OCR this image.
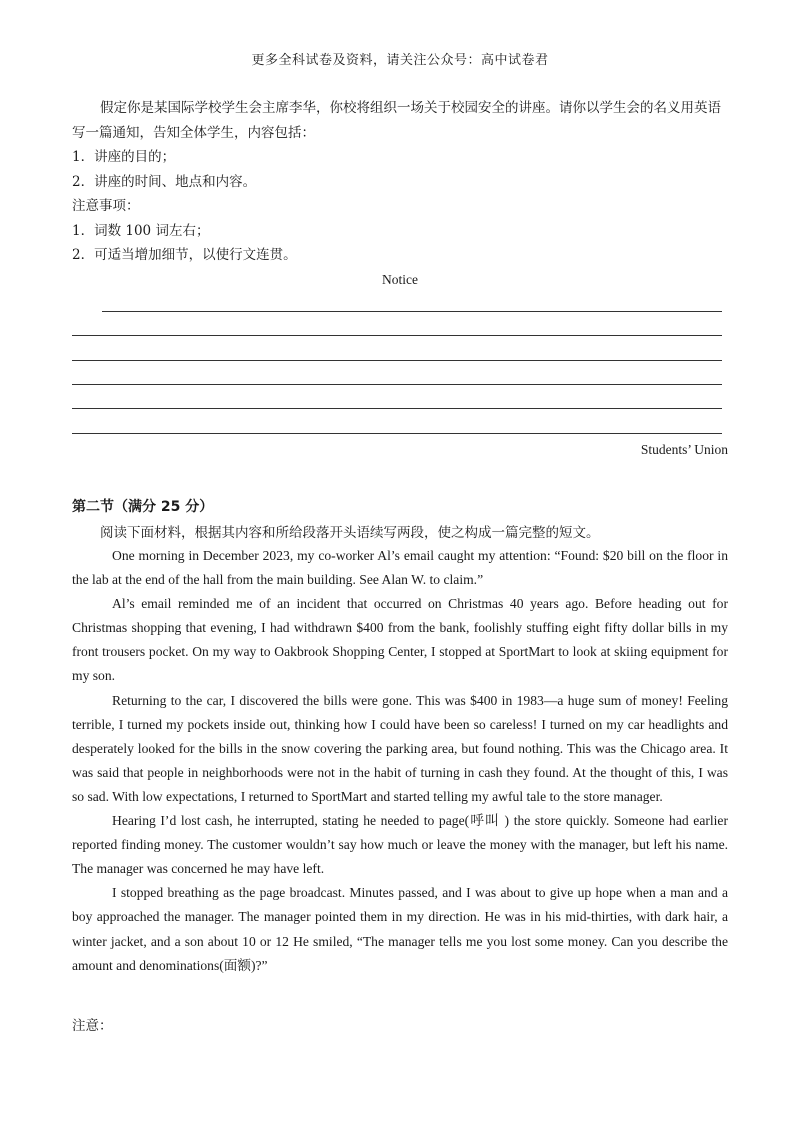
更多全科试卷及资料，请关注公众号：高中试卷君

假定你是某国际学校学生会主席李华，你校将组织一场关于校园安全的讲座。请你以学生会的名义用英语写一篇通知，告知全体学生，内容包括：

1．讲座的目的；

2．讲座的时间、地点和内容。

注意事项：

1．词数 100 词左右；

2．可适当增加细节，以使行文连贯。

Notice

Students’ Union
第二节（满分 25 分）
阅读下面材料，根据其内容和所给段落开头语续写两段，使之构成一篇完整的短文。

One morning in December 2023, my co-worker Al’s email caught my attention: “Found: $20 bill on the floor in the lab at the end of the hall from the main building. See Alan W. to claim.”

Al’s email reminded me of an incident that occurred on Christmas 40 years ago. Before heading out for Christmas shopping that evening, I had withdrawn $400 from the bank, foolishly stuffing eight fifty dollar bills in my front trousers pocket. On my way to Oakbrook Shopping Center, I stopped at SportMart to look at skiing equipment for my son.

Returning to the car, I discovered the bills were gone. This was $400 in 1983—a huge sum of money! Feeling terrible, I turned my pockets inside out, thinking how I could have been so careless! I turned on my car headlights and desperately looked for the bills in the snow covering the parking area, but found nothing. This was the Chicago area. It was said that people in neighborhoods were not in the habit of turning in cash they found. At the thought of this, I was so sad. With low expectations, I returned to SportMart and started telling my awful tale to the store manager.

Hearing I’d lost cash, he interrupted, stating he needed to page(呼叫 ) the store quickly. Someone had earlier reported finding money. The customer wouldn’t say how much or leave the money with the manager, but left his name. The manager was concerned he may have left.

I stopped breathing as the page broadcast. Minutes passed, and I was about to give up hope when a man and a boy approached the manager. The manager pointed them in my direction. He was in his mid-thirties, with dark hair, a winter jacket, and a son about 10 or 12 He smiled, “The manager tells me you lost some money. Can you describe the amount and denominations(面额)?”

注意：
